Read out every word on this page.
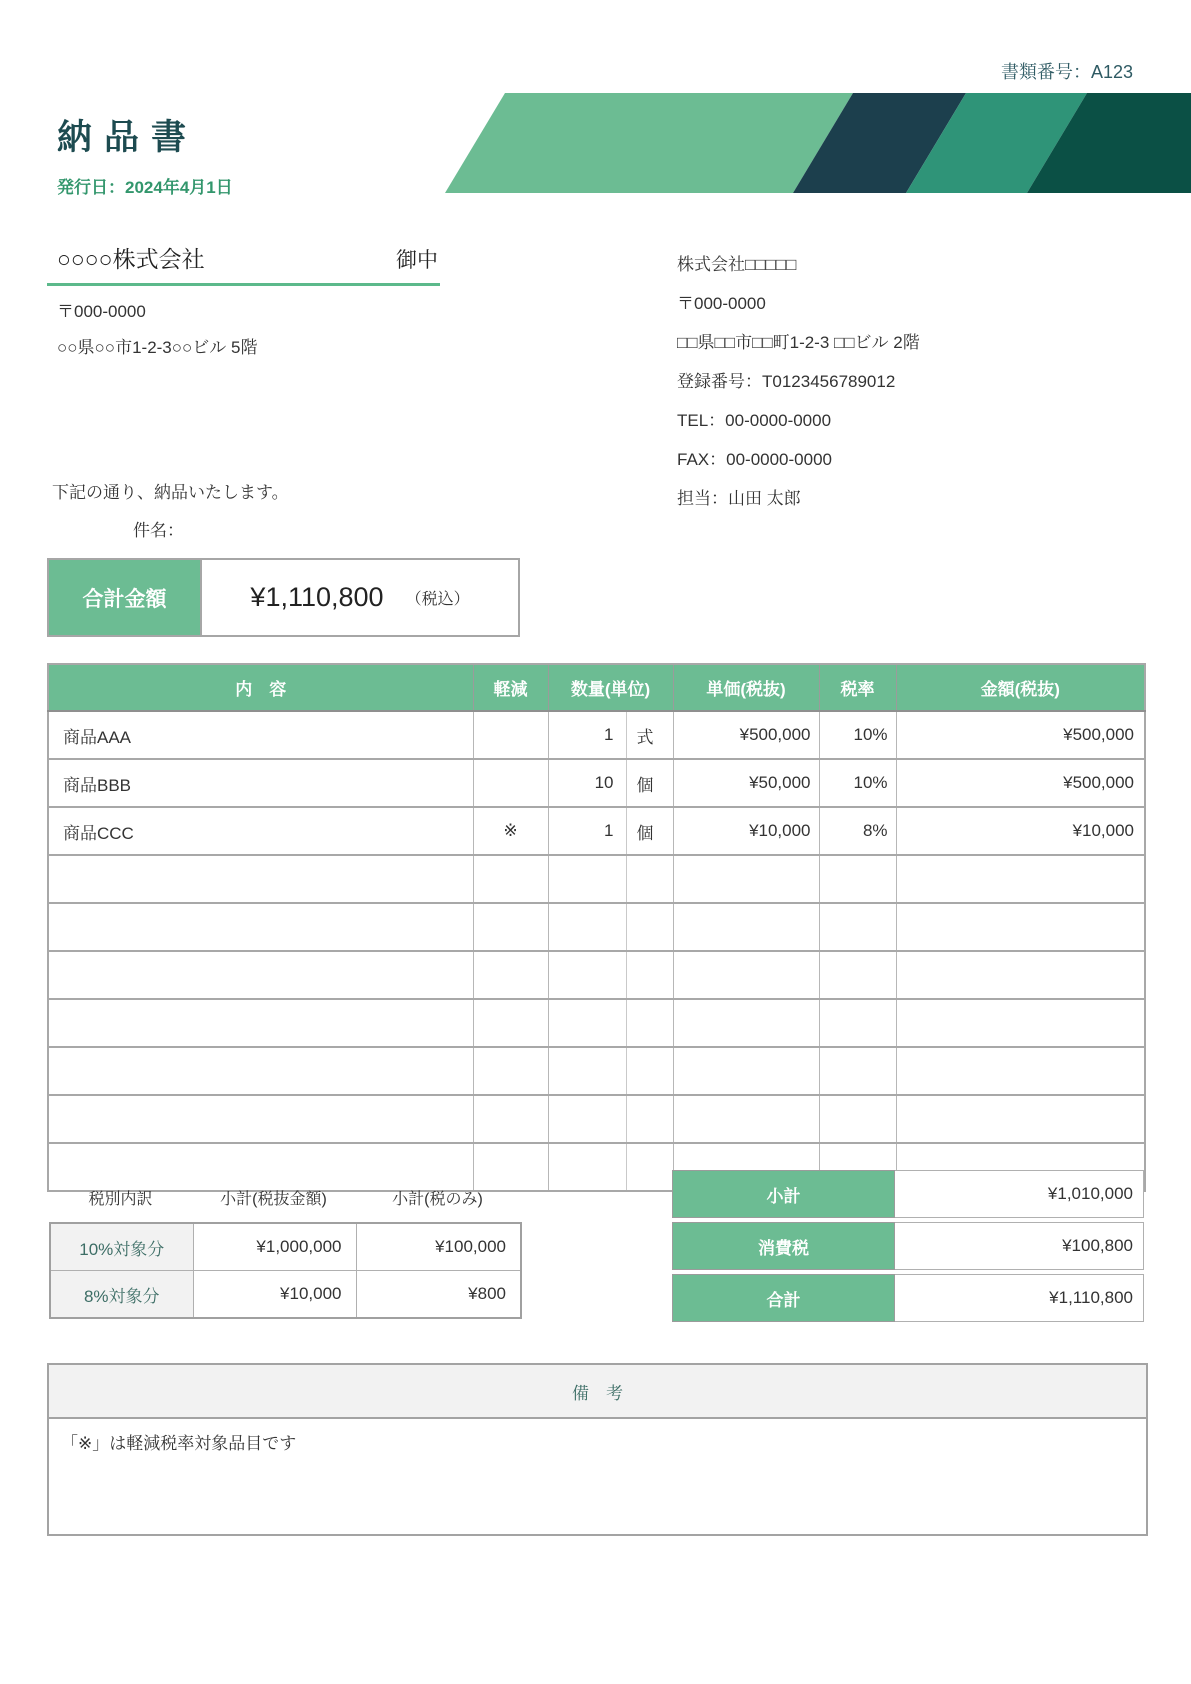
書類番号：A123
納品書
発行日：2024年4月1日
○○○○株式会社	御中
〒000-0000
○○県○○市1-2-3○○ビル 5階
株式会社□□□□□
〒000-0000
□□県□□市□□町1-2-3 □□ビル 2階
登録番号：T0123456789012
TEL：00-0000-0000
FAX：00-0000-0000
担当：山田 太郎
下記の通り、納品いたします。
件名：
合計金額	¥1,110,800 （税込）
内　容	軽減	数量(単位)		単価(税抜)	税率	金額(税抜)
商品AAA		1	式	¥500,000	10%	¥500,000
商品BBB		10	個	¥50,000	10%	¥500,000
商品CCC	※	1	個	¥10,000	8%	¥10,000

税別内訳	小計(税抜金額)	小計(税のみ)
10%対象分	¥1,000,000	¥100,000
8%対象分	¥10,000	¥800
小計	¥1,010,000
消費税	¥100,800
合計	¥1,110,800
備　考
「※」は軽減税率対象品目です
